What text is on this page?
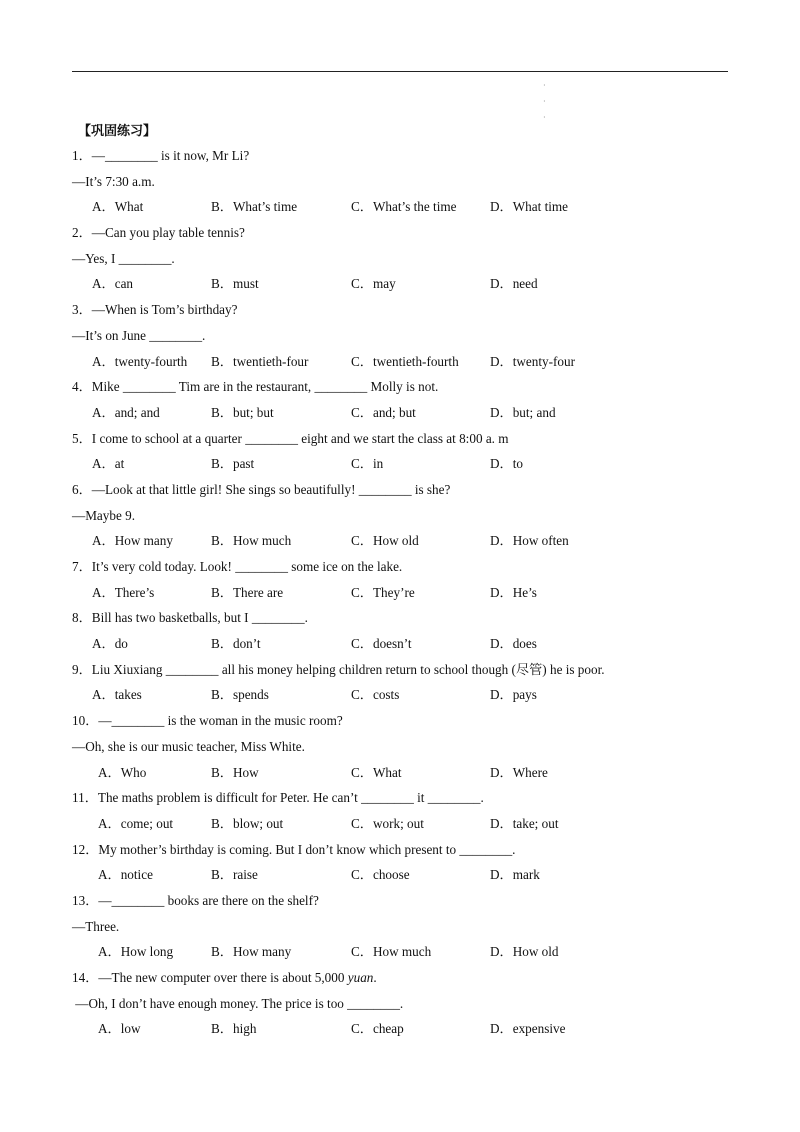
·
·
·
【巩固练习】
1．—________ is it now, Mr Li?
—It’s 7:30 a.m.
A．What	B．What’s time	C．What’s the time	D．What time
2．—Can you play table tennis?
—Yes, I ________.
A．can	B．must	C．may	D．need
3．—When is Tom’s birthday?
—It’s on June ________.
A．twenty-fourth B．twentieth-four	C．twentieth-fourth D．twenty-four
4．Mike ________ Tim are in the restaurant, ________ Molly is not.
A．and; and	B．but; but	C．and; but	D．but; and
5．I come to school at a quarter ________ eight and we start the class at 8:00 a. m
A．at	B．past	C．in	D．to
6．—Look at that little girl! She sings so beautifully! ________ is she?
—Maybe 9.
A．How many	B．How much	C．How old	D．How often
7．It’s very cold today. Look! ________ some ice on the lake.
A．There’s	B．There are	C．They’re	D．He’s
8．Bill has two basketballs, but I ________.
A．do	B．don’t	C．doesn’t	D．does
9．Liu Xiuxiang ________ all his money helping children return to school though (尽管) he is poor.
A．takes	B．spends	C．costs	D．pays
10．—________ is the woman in the music room?
—Oh, she is our music teacher, Miss White.
A．Who	B．How	C．What	D．Where
11．The maths problem is difficult for Peter. He can’t ________ it ________.
A．come; out	B．blow; out	C．work; out	D．take; out
12．My mother’s birthday is coming. But I don’t know which present to ________.
A．notice	B．raise	C．choose	D．mark
13．—________ books are there on the shelf?
—Three.
A．How long	B．How many	C．How much	D．How old
14．—The new computer over there is about 5,000 yuan.
—Oh, I don’t have enough money. The price is too ________.
A．low	B．high	C．cheap	D．expensive
